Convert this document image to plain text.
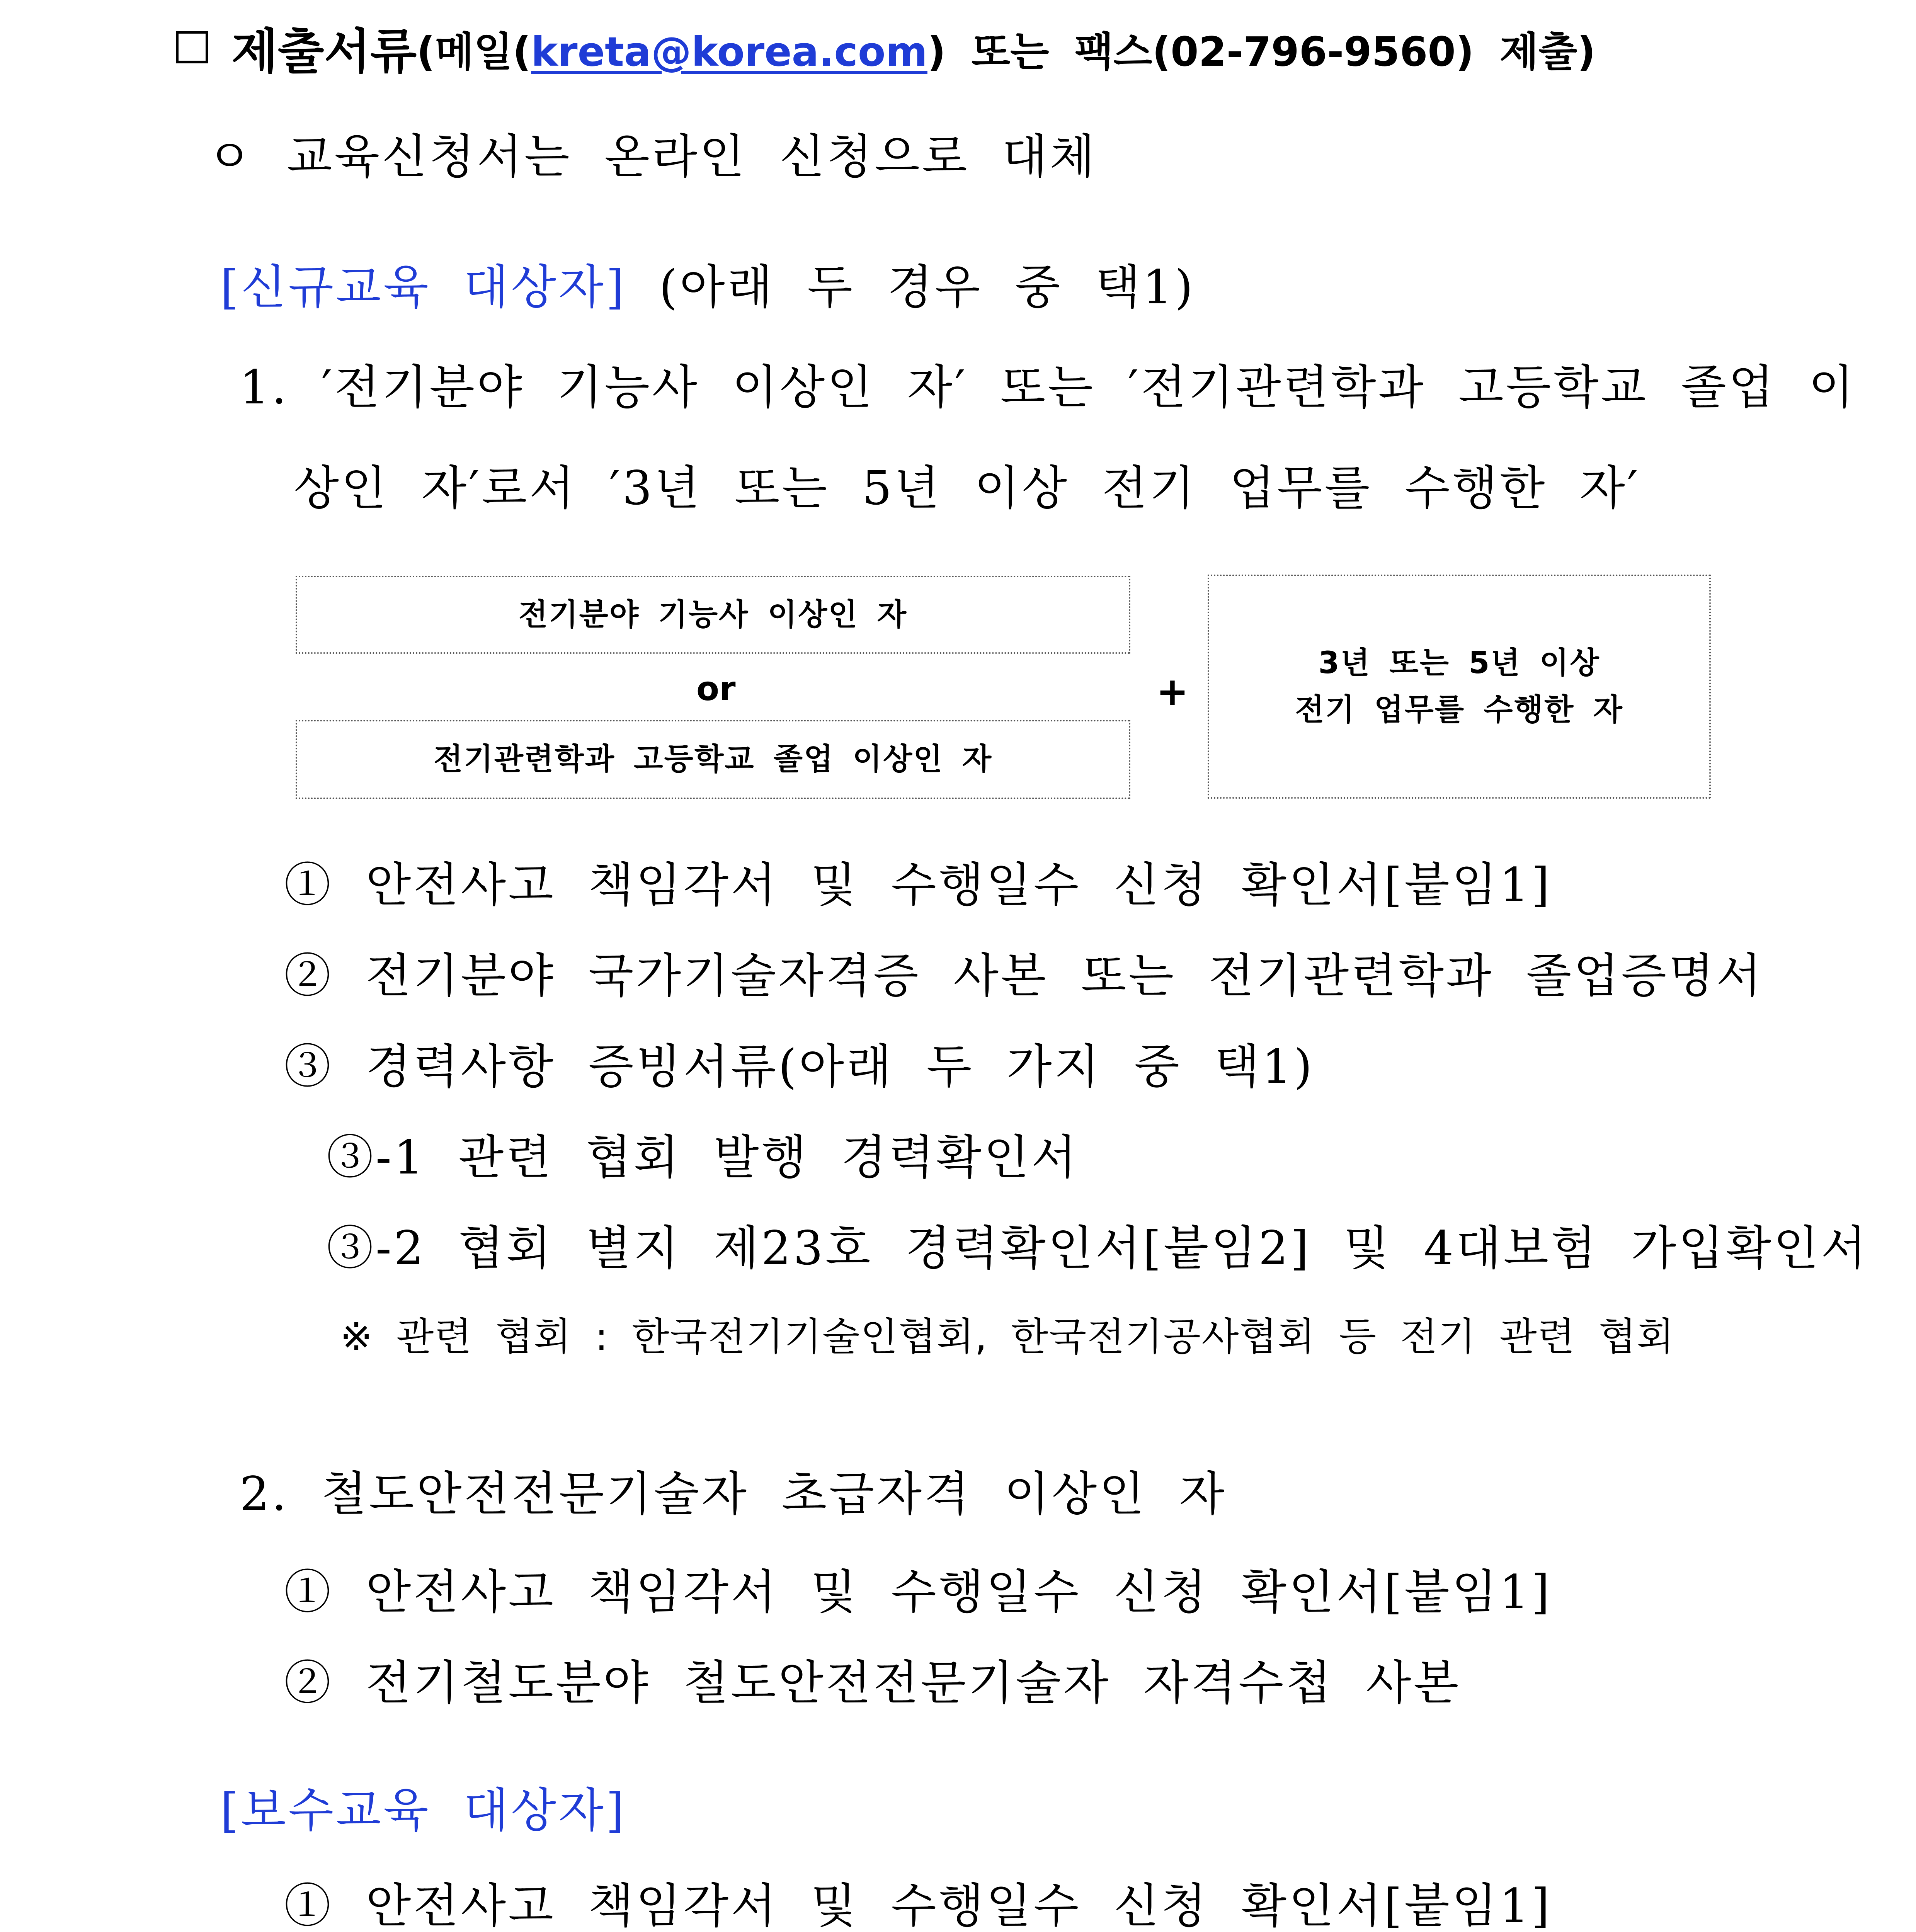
제출서류(메일(kreta@korea.com) 또는 팩스(02-796-9560) 제출)
ㅇ 교육신청서는 온라인 신청으로 대체
[신규교육 대상자] (아래 두 경우 중 택1)
1. ′전기분야 기능사 이상인 자′ 또는 ′전기관련학과 고등학교 졸업 이
상인 자′로서 ′3년 또는 5년 이상 전기 업무를 수행한 자′
전기분야 기능사 이상인 자
or
전기관련학과 고등학교 졸업 이상인 자
+
3년 또는 5년 이상
전기 업무를 수행한 자
① 안전사고 책임각서 및 수행일수 신청 확인서[붙임1]
② 전기분야 국가기술자격증 사본 또는 전기관련학과 졸업증명서
③ 경력사항 증빙서류(아래 두 가지 중 택1)
③-1 관련 협회 발행 경력확인서
③-2 협회 별지 제23호 경력확인서[붙임2] 및 4대보험 가입확인서
※ 관련 협회 : 한국전기기술인협회, 한국전기공사협회 등 전기 관련 협회
2. 철도안전전문기술자 초급자격 이상인 자
① 안전사고 책임각서 및 수행일수 신청 확인서[붙임1]
② 전기철도분야 철도안전전문기술자 자격수첩 사본
[보수교육 대상자]
① 안전사고 책임각서 및 수행일수 신청 확인서[붙임1]
